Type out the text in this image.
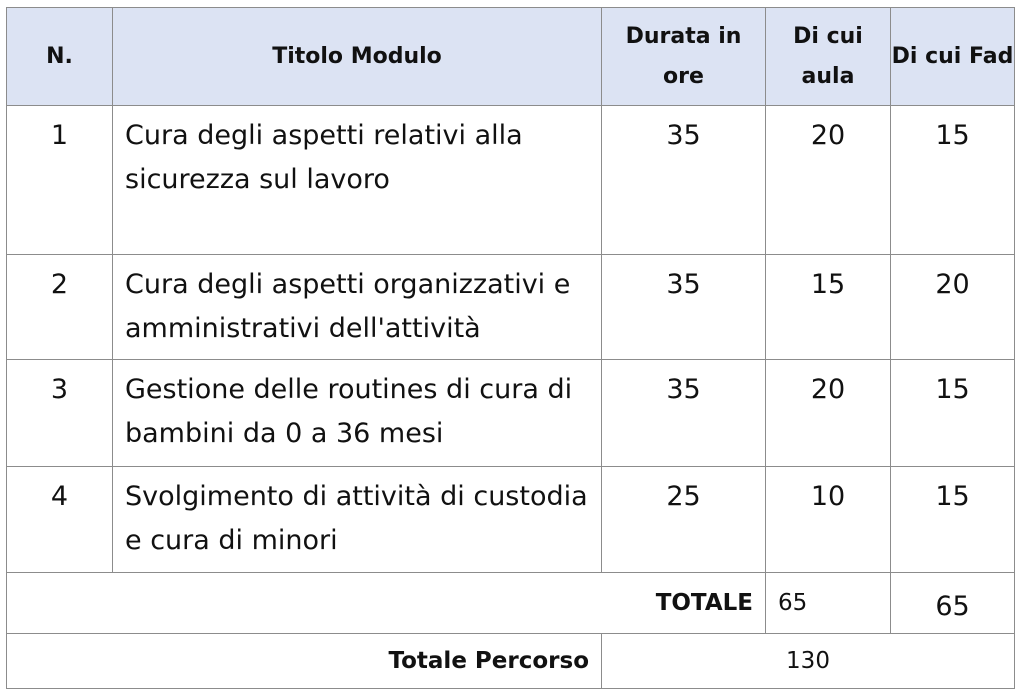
N.	Titolo Modulo	Durata in ore	Di cui aula	Di cui Fad
1	Cura degli aspetti relativi alla sicurezza sul lavoro	35	20	15
2	Cura degli aspetti organizzativi e amministrativi dell'attività	35	15	20
3	Gestione delle routines di cura di bambini da 0 a 36 mesi	35	20	15
4	Svolgimento di attività di custodia e cura di minori	25	10	15
TOTALE			65	65
Totale Percorso		130		
